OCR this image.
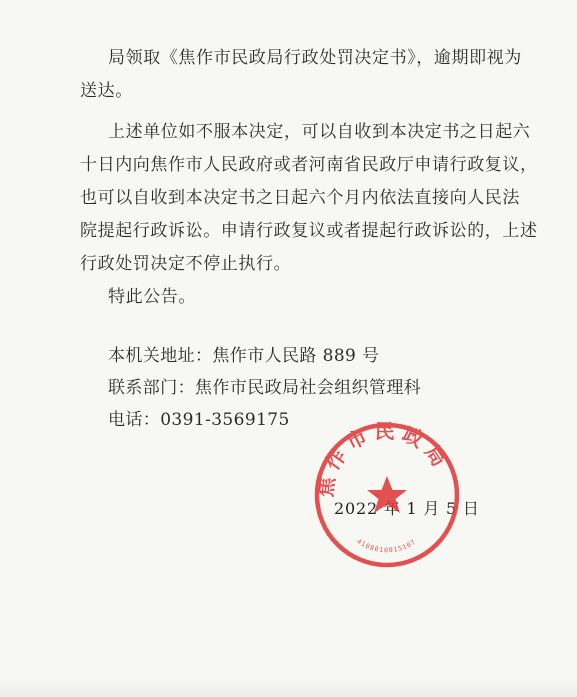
局领取《焦作市民政局行政处罚决定书》，逾期即视为
送达。
上述单位如不服本决定，可以自收到本决定书之日起六
十日内向焦作市人民政府或者河南省民政厅申请行政复议，
也可以自收到本决定书之日起六个月内依法直接向人民法
院提起行政诉讼。申请行政复议或者提起行政诉讼的，上述
行政处罚决定不停止执行。
特此公告。
本机关地址：焦作市人民路 889 号
联系部门：焦作市民政局社会组织管理科
电话：0391-3569175
2022 年 1 月 5 日
焦作市民政局
4108010015107
